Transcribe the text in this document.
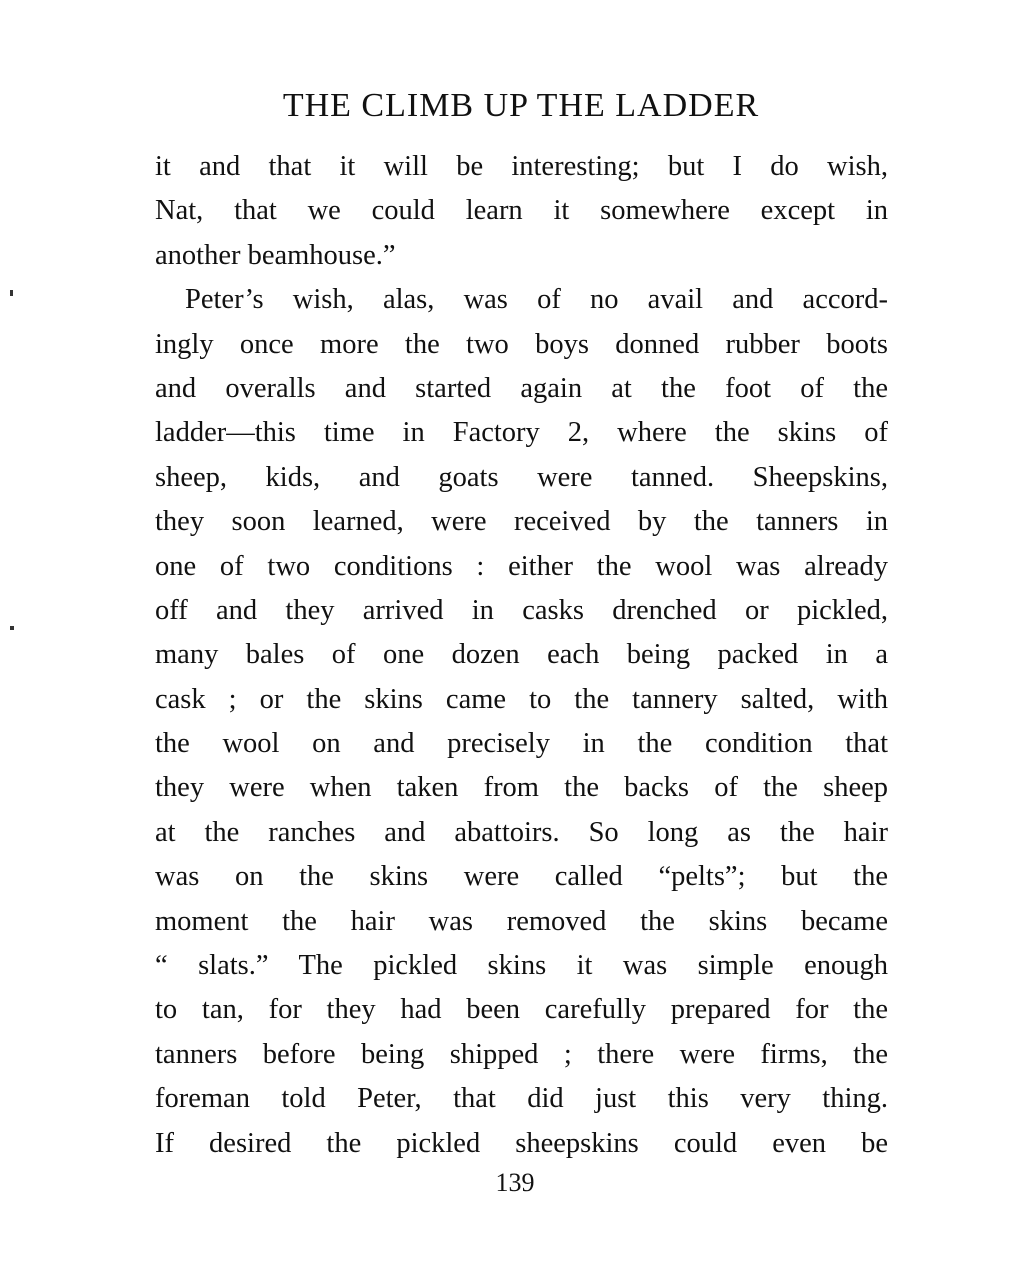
THE CLIMB UP THE LADDER
it and that it will be interesting; but I do wish,
Nat, that we could learn it somewhere except in
another beamhouse.”
Peter’s wish, alas, was of no avail and accord-
ingly once more the two boys donned rubber boots
and overalls and started again at the foot of the
ladder—this time in Factory 2, where the skins of
sheep, kids, and goats were tanned. Sheepskins,
they soon learned, were received by the tanners in
one of two conditions : either the wool was already
off and they arrived in casks drenched or pickled,
many bales of one dozen each being packed in a
cask ; or the skins came to the tannery salted, with
the wool on and precisely in the condition that
they were when taken from the backs of the sheep
at the ranches and abattoirs. So long as the hair
was on the skins were called “pelts”; but the
moment the hair was removed the skins became
“ slats.” The pickled skins it was simple enough
to tan, for they had been carefully prepared for the
tanners before being shipped ; there were firms, the
foreman told Peter, that did just this very thing.
If desired the pickled sheepskins could even be
139
